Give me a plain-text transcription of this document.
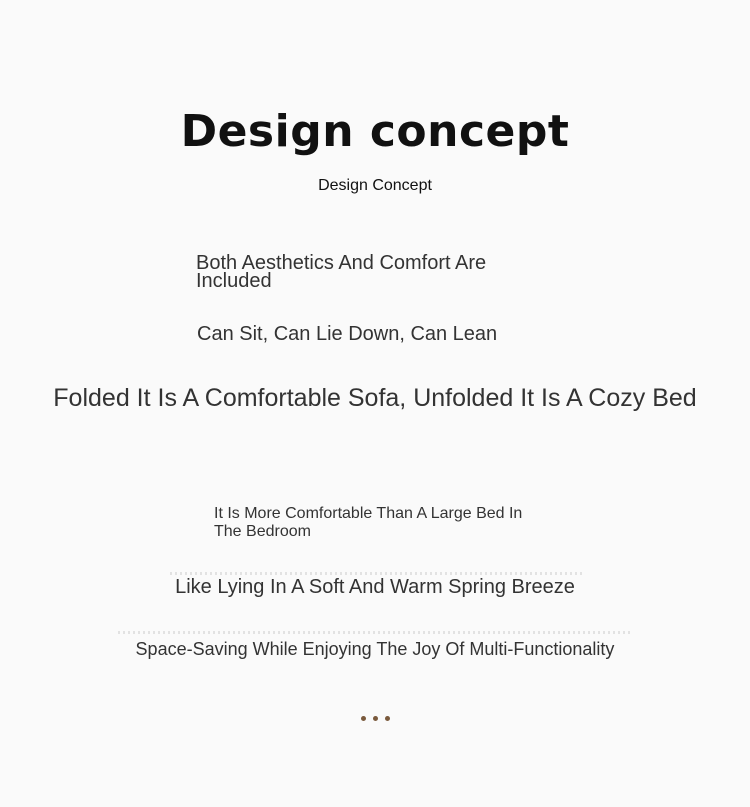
Design concept
Design Concept
Both Aesthetics And Comfort Are Included
Can Sit, Can Lie Down, Can Lean
Folded It Is A Comfortable Sofa, Unfolded It Is A Cozy Bed
It Is More Comfortable Than A Large Bed In The Bedroom
Like Lying In A Soft And Warm Spring Breeze
Space-Saving While Enjoying The Joy Of Multi-Functionality
